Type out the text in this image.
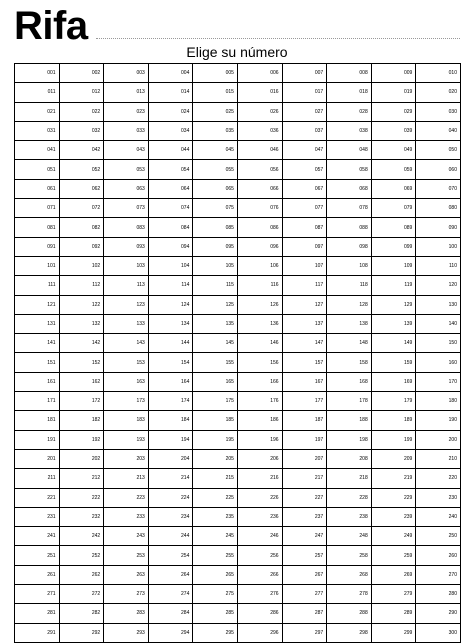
Rifa
Elige su número
001	002	003	004	005	006	007	008	009	010
011	012	013	014	015	016	017	018	019	020
021	022	023	024	025	026	027	028	029	030
031	032	033	034	035	036	037	038	039	040
041	042	043	044	045	046	047	048	049	050
051	052	053	054	055	056	057	058	059	060
061	062	063	064	065	066	067	068	069	070
071	072	073	074	075	076	077	078	079	080
081	082	083	084	085	086	087	088	089	090
091	092	093	094	095	096	097	098	099	100
101	102	103	104	105	106	107	108	109	110
111	112	113	114	115	116	117	118	119	120
121	122	123	124	125	126	127	128	129	130
131	132	133	134	135	136	137	138	139	140
141	142	143	144	145	146	147	148	149	150
151	152	153	154	155	156	157	158	159	160
161	162	163	164	165	166	167	168	169	170
171	172	173	174	175	176	177	178	179	180
181	182	183	184	185	186	187	188	189	190
191	192	193	194	195	196	197	198	199	200
201	202	203	204	205	206	207	208	209	210
211	212	213	214	215	216	217	218	219	220
221	222	223	224	225	226	227	228	229	230
231	232	233	234	235	236	237	238	239	240
241	242	243	244	245	246	247	248	249	250
251	252	253	254	255	256	257	258	259	260
261	262	263	264	265	266	267	268	269	270
271	272	273	274	275	276	277	278	279	280
281	282	283	284	285	286	287	288	289	290
291	292	293	294	295	296	297	298	299	300
